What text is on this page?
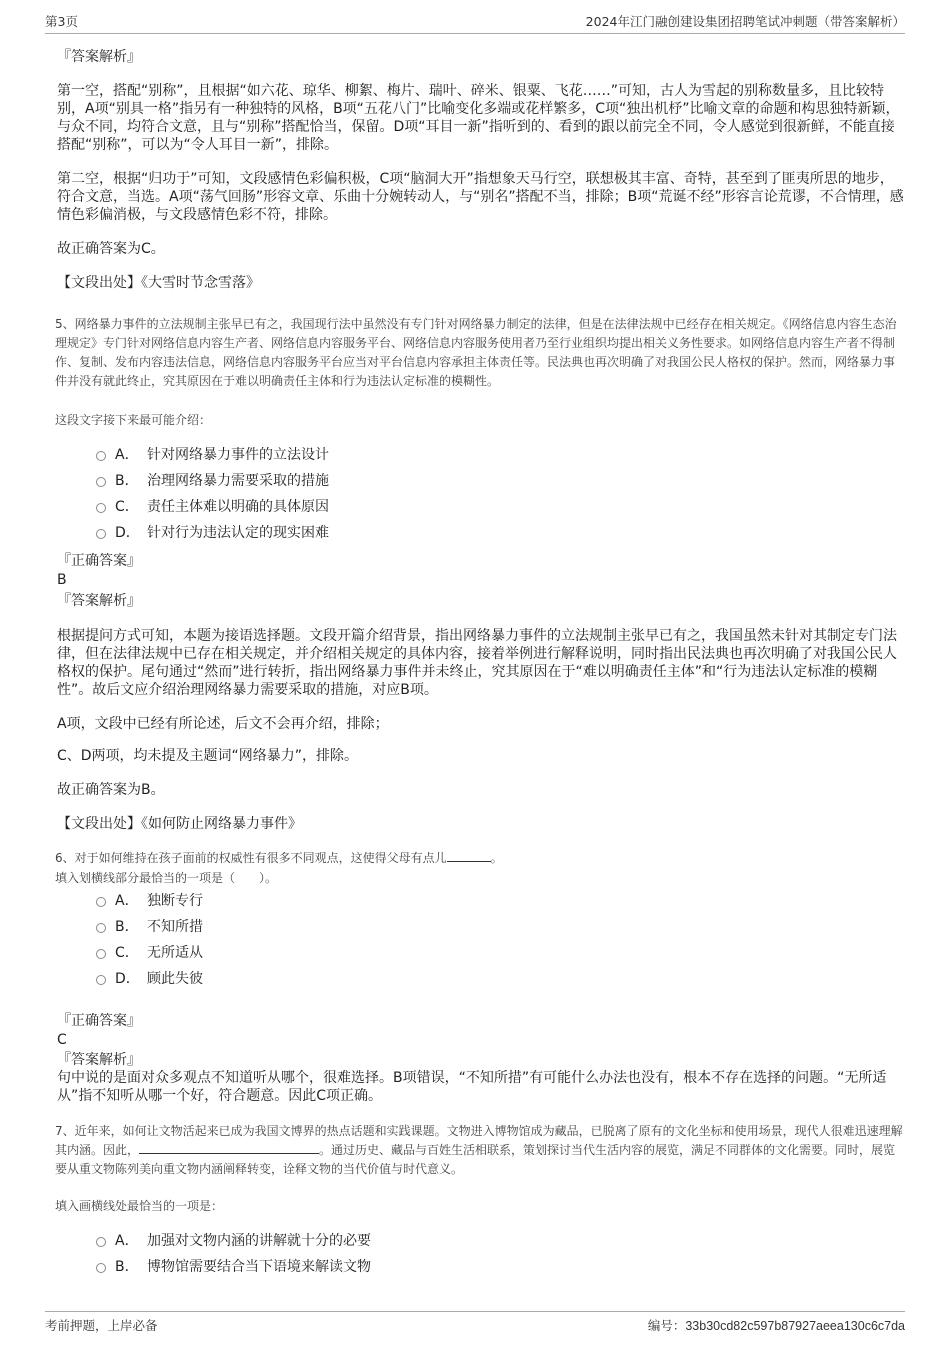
第3页	2024年江门融创建设集团招聘笔试冲刺题（带答案解析）
『答案解析』
第一空，搭配“别称”，且根据“如六花、琼华、柳絮、梅片、瑞叶、碎米、银粟、飞花……”可知，古人为雪起的别称数量多，且比较特别，A项“别具一格”指另有一种独特的风格，B项“五花八门”比喻变化多端或花样繁多，C项“独出机杼”比喻文章的命题和构思独特新颖，与众不同，均符合文意，且与“别称”搭配恰当，保留。D项“耳目一新”指听到的、看到的跟以前完全不同，令人感觉到很新鲜，不能直接搭配“别称”，可以为“令人耳目一新”，排除。
第二空，根据“归功于”可知，文段感情色彩偏积极，C项“脑洞大开”指想象天马行空，联想极其丰富、奇特，甚至到了匪夷所思的地步，符合文意，当选。A项“荡气回肠”形容文章、乐曲十分婉转动人，与“别名”搭配不当，排除；B项“荒诞不经”形容言论荒谬，不合情理，感情色彩偏消极，与文段感情色彩不符，排除。
故正确答案为C。
【文段出处】《大雪时节念雪落》
5、网络暴力事件的立法规制主张早已有之，我国现行法中虽然没有专门针对网络暴力制定的法律，但是在法律法规中已经存在相关规定。《网络信息内容生态治理规定》专门针对网络信息内容生产者、网络信息内容服务平台、网络信息内容服务使用者乃至行业组织均提出相关义务性要求。如网络信息内容生产者不得制作、复制、发布内容违法信息，网络信息内容服务平台应当对平台信息内容承担主体责任等。民法典也再次明确了对我国公民人格权的保护。然而，网络暴力事件并没有就此终止，究其原因在于难以明确责任主体和行为违法认定标准的模糊性。
这段文字接下来最可能介绍：
A． 针对网络暴力事件的立法设计
B． 治理网络暴力需要采取的措施
C． 责任主体难以明确的具体原因
D． 针对行为违法认定的现实困难
『正确答案』
B
『答案解析』
根据提问方式可知，本题为接语选择题。文段开篇介绍背景，指出网络暴力事件的立法规制主张早已有之，我国虽然未针对其制定专门法律，但在法律法规中已存在相关规定，并介绍相关规定的具体内容，接着举例进行解释说明，同时指出民法典也再次明确了对我国公民人格权的保护。尾句通过“然而”进行转折，指出网络暴力事件并未终止，究其原因在于“难以明确责任主体”和“行为违法认定标准的模糊性”。故后文应介绍治理网络暴力需要采取的措施，对应B项。
A项，文段中已经有所论述，后文不会再介绍，排除；
C、D两项，均未提及主题词“网络暴力”，排除。
故正确答案为B。
【文段出处】《如何防止网络暴力事件》
6、对于如何维持在孩子面前的权威性有很多不同观点，这使得父母有点儿	。
填入划横线部分最恰当的一项是（　　）。
A． 独断专行
B． 不知所措
C． 无所适从
D． 顾此失彼
『正确答案』
C
『答案解析』
句中说的是面对众多观点不知道听从哪个，很难选择。B项错误，“不知所措”有可能什么办法也没有，根本不存在选择的问题。“无所适从”指不知听从哪一个好，符合题意。因此C项正确。
7、近年来，如何让文物活起来已成为我国文博界的热点话题和实践课题。文物进入博物馆成为藏品，已脱离了原有的文化坐标和使用场景，现代人很难迅速理解其内涵。因此，	。通过历史、藏品与百姓生活相联系，策划探讨当代生活内容的展览，满足不同群体的文化需要。同时，展览要从重文物陈列美向重文物内涵阐释转变，诠释文物的当代价值与时代意义。
填入画横线处最恰当的一项是：
A． 加强对文物内涵的讲解就十分的必要
B． 博物馆需要结合当下语境来解读文物
考前押题，上岸必备	编号：33b30cd82c597b87927aeea130c6c7da
